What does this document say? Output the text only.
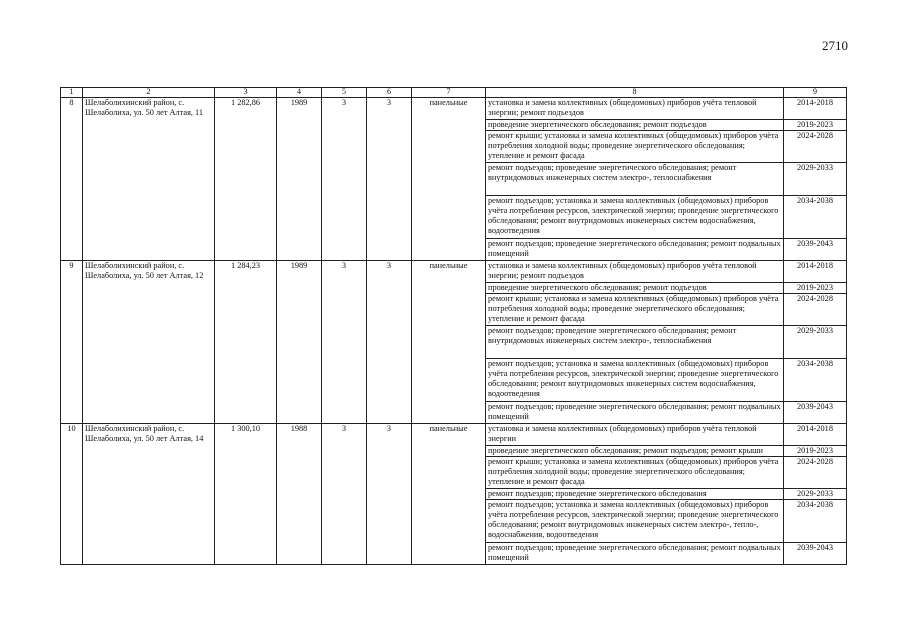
2710
1	2	3	4	5	6	7	8	9
8	Шелаболихинский район, с. Шелаболиха, ул. 50 лет Алтая, 11	1 282,86	1989	3	3	панельные	установка и замена коллективных (общедомовых) приборов учёта тепловой энергии; ремонт подъездов	2014-2018
							проведение энергетического обследования; ремонт подъездов	2019-2023
							ремонт крыши; установка и замена коллективных (общедомовых) приборов учёта потребления холодной воды; проведение энергетического обследования; утепление и ремонт фасада	2024-2028
							ремонт подъездов; проведение энергетического обследования; ремонт внутридомовых инженерных систем электро-, теплоснабжения	2029-2033
							ремонт подъездов; установка и замена коллективных (общедомовых) приборов учёта потребления ресурсов, электрической энергии; проведение энергетического обследования; ремонт внутридомовых инженерных систем водоснабжения, водоотведения	2034-2038
							ремонт подъездов; проведение энергетического обследования; ремонт подвальных помещений	2039-2043
9	Шелаболихинский район, с. Шелаболиха, ул. 50 лет Алтая, 12	1 284,23	1989	3	3	панельные	установка и замена коллективных (общедомовых) приборов учёта тепловой энергии; ремонт подъездов	2014-2018
							проведение энергетического обследования; ремонт подъездов	2019-2023
							ремонт крыши; установка и замена коллективных (общедомовых) приборов учёта потребления холодной воды; проведение энергетического обследования; утепление и ремонт фасада	2024-2028
							ремонт подъездов; проведение энергетического обследования; ремонт внутридомовых инженерных систем электро-, теплоснабжения	2029-2033
							ремонт подъездов; установка и замена коллективных (общедомовых) приборов учёта потребления ресурсов, электрической энергии; проведение энергетического обследования; ремонт внутридомовых инженерных систем водоснабжения, водоотведения	2034-2038
							ремонт подъездов; проведение энергетического обследования; ремонт подвальных помещений	2039-2043
10	Шелаболихинский район, с. Шелаболиха, ул. 50 лет Алтая, 14	1 300,10	1988	3	3	панельные	установка и замена коллективных (общедомовых) приборов учёта тепловой энергии	2014-2018
							проведение энергетического обследования; ремонт подъездов; ремонт крыши	2019-2023
							ремонт крыши; установка и замена коллективных (общедомовых) приборов учёта потребления холодной воды; проведение энергетического обследования; утепление и ремонт фасада	2024-2028
							ремонт подъездов; проведение энергетического обследования	2029-2033
							ремонт подъездов; установка и замена коллективных (общедомовых) приборов учёта потребления ресурсов, электрической энергии; проведение энергетического обследования; ремонт внутридомовых инженерных систем электро-, тепло-, водоснабжения, водоотведения	2034-2038
							ремонт подъездов; проведение энергетического обследования; ремонт подвальных помещений	2039-2043
